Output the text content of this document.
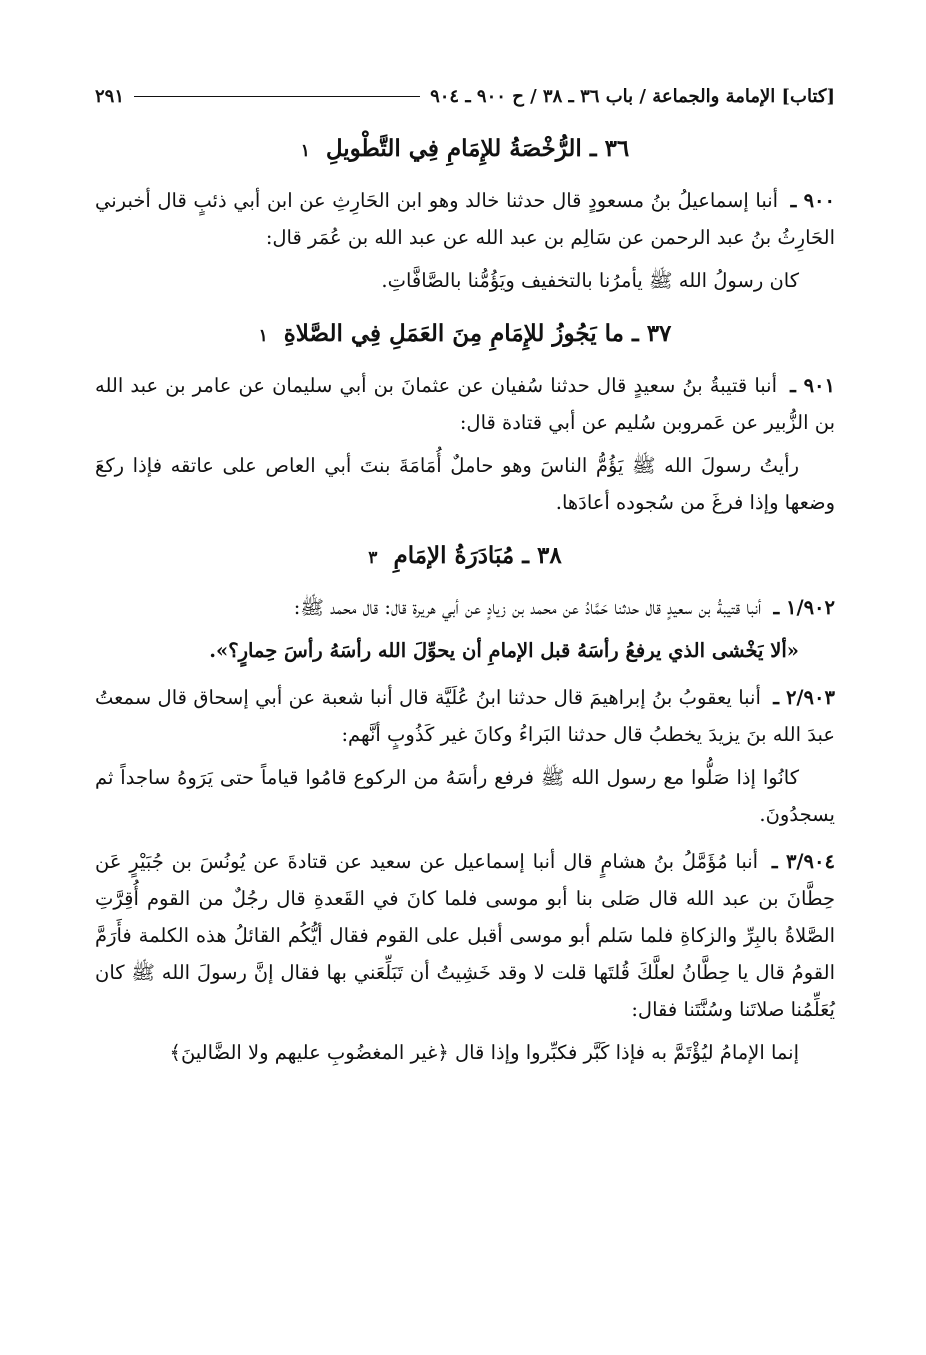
[كتاب] الإمامة والجماعة / باب ٣٦ ـ ٣٨ / ح ٩٠٠ ـ ٩٠٤
٢٩١
٣٦ ـ الرُّخْصَةُ للإِمَامِ فِي التَّطْويلِ ١

٩٠٠ ـ أنبا إسماعيلُ بنُ مسعودٍ قال حدثنا خالد وهو ابن الحَارِثِ عن ابن أبي ذئبٍ قال أخبرني الحَارِثُ بنُ عبد الرحمن عن سَالِم بن عبد الله عن عبد الله بن عُمَر قال:

كان رسولُ الله ﷺ يأمرُنا بالتخفيف ويَؤُمُّنا بالصَّافَّاتِ.

٣٧ ـ ما يَجُوزُ للإِمَامِ مِنَ العَمَلِ فِي الصَّلاةِ ١

٩٠١ ـ أنبا قتيبةُ بنُ سعيدٍ قال حدثنا سُفيان عن عثمانَ بن أبي سليمان عن عامر بن عبد الله بن الزُّبير عن عَمروبن سُليم عن أبي قتادة قال:

رأيتُ رسولَ الله ﷺ يَؤُمُّ الناسَ وهو حاملٌ أُمَامَةَ بنتَ أبي العاص على عاتقه فإذا ركعَ وضعها وإذا فرغَ من سُجوده أعادَها.

٣٨ ـ مُبَادَرَةُ الإمَامِ ٣

١/٩٠٢ ـ أنبا قتيبةُ بن سعيدٍ قال حدثنا حَمَّادُ عن محمد بن زيادٍ عن أبي هريرة قال: قال محمد ﷺ:

«ألا يَخْشى الذي يرفعُ رأسَهُ قبل الإمامِ أن يحوِّلَ الله رأسَهُ رأسَ حِمارٍ؟».

٢/٩٠٣ ـ أنبا يعقوبُ بنُ إبراهيمَ قال حدثنا ابنُ عُلَيَّة قال أنبا شعبة عن أبي إسحاق قال سمعتُ عبدَ الله بنَ يزيدَ يخطبُ قال حدثنا البَراءُ وكانَ غير كَذُوبٍ أنَّهم:

كانُوا إذا صَلُّوا مع رسول الله ﷺ فرفع رأسَهُ من الركوع قامُوا قياماً حتى يَرَوهُ ساجداً ثم يسجدُونَ.

٣/٩٠٤ ـ أنبا مُؤَمَّلُ بنُ هشامٍ قال أنبا إسماعيل عن سعيد عن قتادةَ عن يُونُسَ بن جُبَيْرٍ عَن حِطَّانَ بن عبد الله قال صَلى بنا أبو موسى فلما كانَ في القَعدةِ قال رجُلٌ من القوم أُقِرَّتِ الصَّلاةُ بالبِرِّ والزكاةِ فلما سَلم أبو موسى أقبل على القوم فقال أيُّكُم القائلُ هذه الكلمة فأَرَمَّ القومُ قال يا حِطَّانُ لعلَّكَ قُلتَها قلت لا وقد خَشِيتُ أن تَبَلِّعَني بها فقال إنَّ رسولَ الله ﷺ كان يُعَلِّمُنا صلاتَنا وسُنَّتَنا فقال:

إنما الإمامُ ليُؤْتَمَّ به فإذا كَبَّر فكبِّروا وإذا قال ﴿غير المغضُوبِ عليهم ولا الضَّالينَ﴾
